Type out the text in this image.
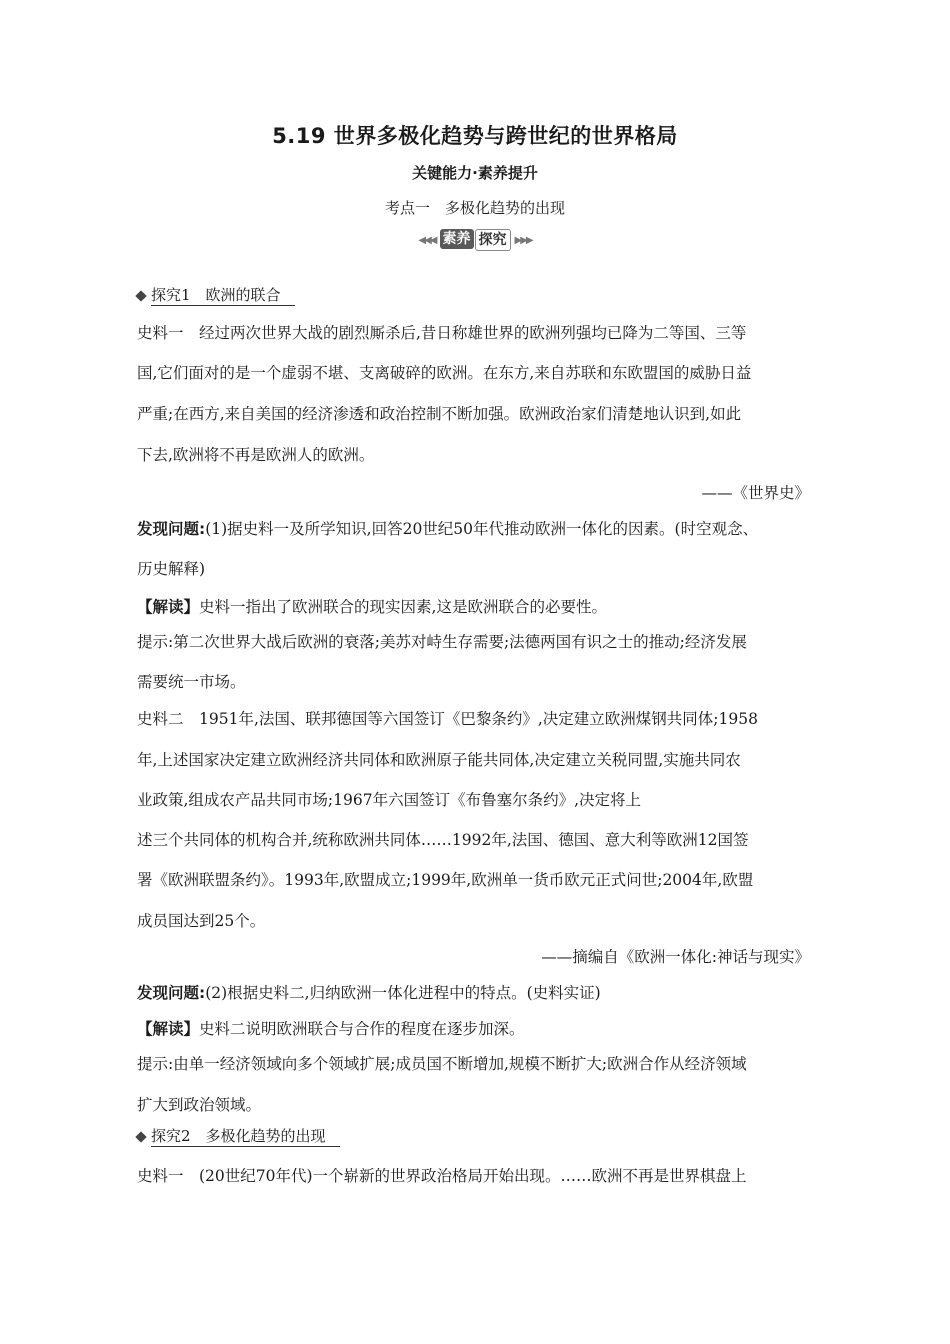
5.19 世界多极化趋势与跨世纪的世界格局
关键能力·素养提升
考点一　多极化趋势的出现
◀◀◀ 素养 探究 ▶▶▶
探究1　欧洲的联合
史料一　经过两次世界大战的剧烈厮杀后,昔日称雄世界的欧洲列强均已降为二等国、三等
国,它们面对的是一个虚弱不堪、支离破碎的欧洲。在东方,来自苏联和东欧盟国的威胁日益
严重;在西方,来自美国的经济渗透和政治控制不断加强。欧洲政治家们清楚地认识到,如此
下去,欧洲将不再是欧洲人的欧洲。
——《世界史》
发现问题:(1)据史料一及所学知识,回答20世纪50年代推动欧洲一体化的因素。(时空观念、
历史解释)
【解读】史料一指出了欧洲联合的现实因素,这是欧洲联合的必要性。
提示:第二次世界大战后欧洲的衰落;美苏对峙生存需要;法德两国有识之士的推动;经济发展
需要统一市场。
史料二　1951年,法国、联邦德国等六国签订《巴黎条约》,决定建立欧洲煤钢共同体;1958
年,上述国家决定建立欧洲经济共同体和欧洲原子能共同体,决定建立关税同盟,实施共同农
业政策,组成农产品共同市场;1967年六国签订《布鲁塞尔条约》,决定将上
述三个共同体的机构合并,统称欧洲共同体……1992年,法国、德国、意大利等欧洲12国签
署《欧洲联盟条约》。1993年,欧盟成立;1999年,欧洲单一货币欧元正式问世;2004年,欧盟
成员国达到25个。
——摘编自《欧洲一体化:神话与现实》
发现问题:(2)根据史料二,归纳欧洲一体化进程中的特点。(史料实证)
【解读】史料二说明欧洲联合与合作的程度在逐步加深。
提示:由单一经济领域向多个领域扩展;成员国不断增加,规模不断扩大;欧洲合作从经济领域
扩大到政治领域。
探究2　多极化趋势的出现
史料一　(20世纪70年代)一个崭新的世界政治格局开始出现。……欧洲不再是世界棋盘上
